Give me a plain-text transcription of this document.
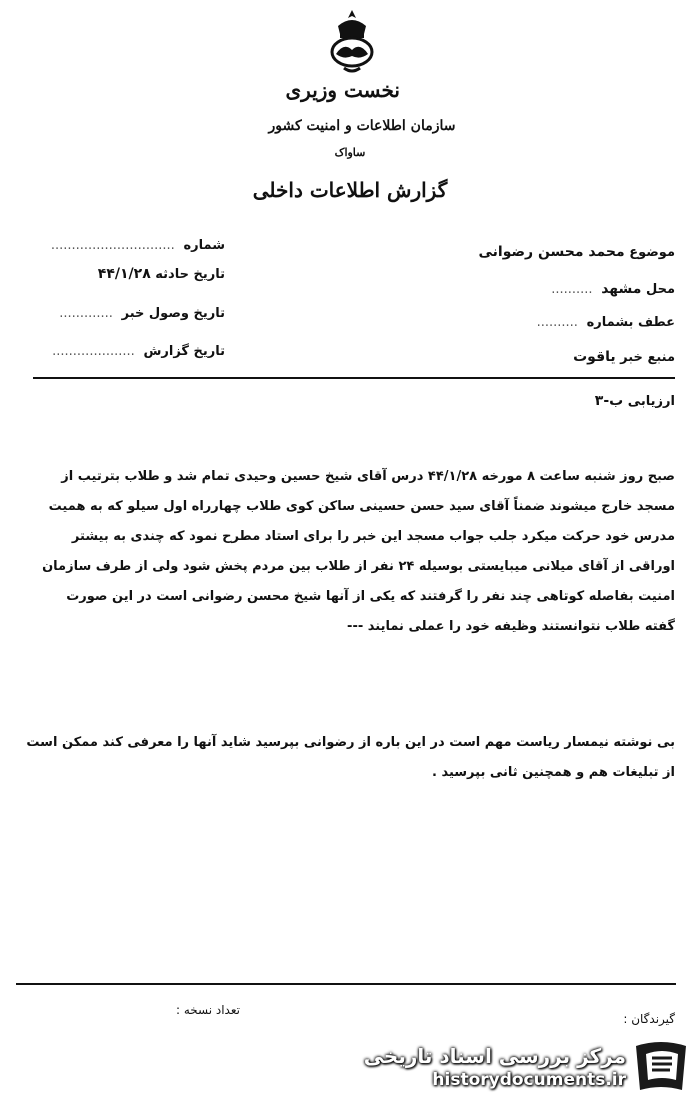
نخست وزیری
سازمان اطلاعات و امنیت کشور
ساواک
گزارش اطلاعات داخلی
شماره  ..............................
تاریخ حادثه ۴۴/۱/۲۸
تاریخ وصول خبر  .............
تاریخ گزارش  ....................
موضوع محمد محسن رضوانی
محل مشهد  ..........
عطف بشماره  ..........
منبع خبر یاقوت
ارزیابی ب-۳
صبح روز شنبه ساعت ۸ مورخه ۴۴/۱/۲۸ درس آقای شیخ حسین وحیدی تمام شد و طلاب بترتیب از مسجد خارج میشوند ضمناً آقای سید حسن حسینی ساکن کوی طلاب چهارراه اول سیلو که به همیت مدرس خود حرکت میکرد جلب جواب مسجد این خبر را برای استاد مطرح نمود که چندی به بیشتر اوراقی از آقای میلانی میبایستی بوسیله ۲۴ نفر از طلاب بین مردم پخش شود ولی از طرف سازمان امنیت بفاصله کوتاهی چند نفر را گرفتند که یکی از آنها شیخ محسن رضوانی است در این صورت گفته طلاب نتوانستند وظیفه خود را عملی نمایند ---
بی نوشته نیمسار ریاست مهم است در این باره از رضوانی بپرسید شاید آنها را معرفی کند ممکن است از تبلیغات هم و همچنین ثانی بپرسید .
تعداد نسخه :
گیرندگان :
مرکز بررسی اسناد تاریخی
historydocuments.ir
